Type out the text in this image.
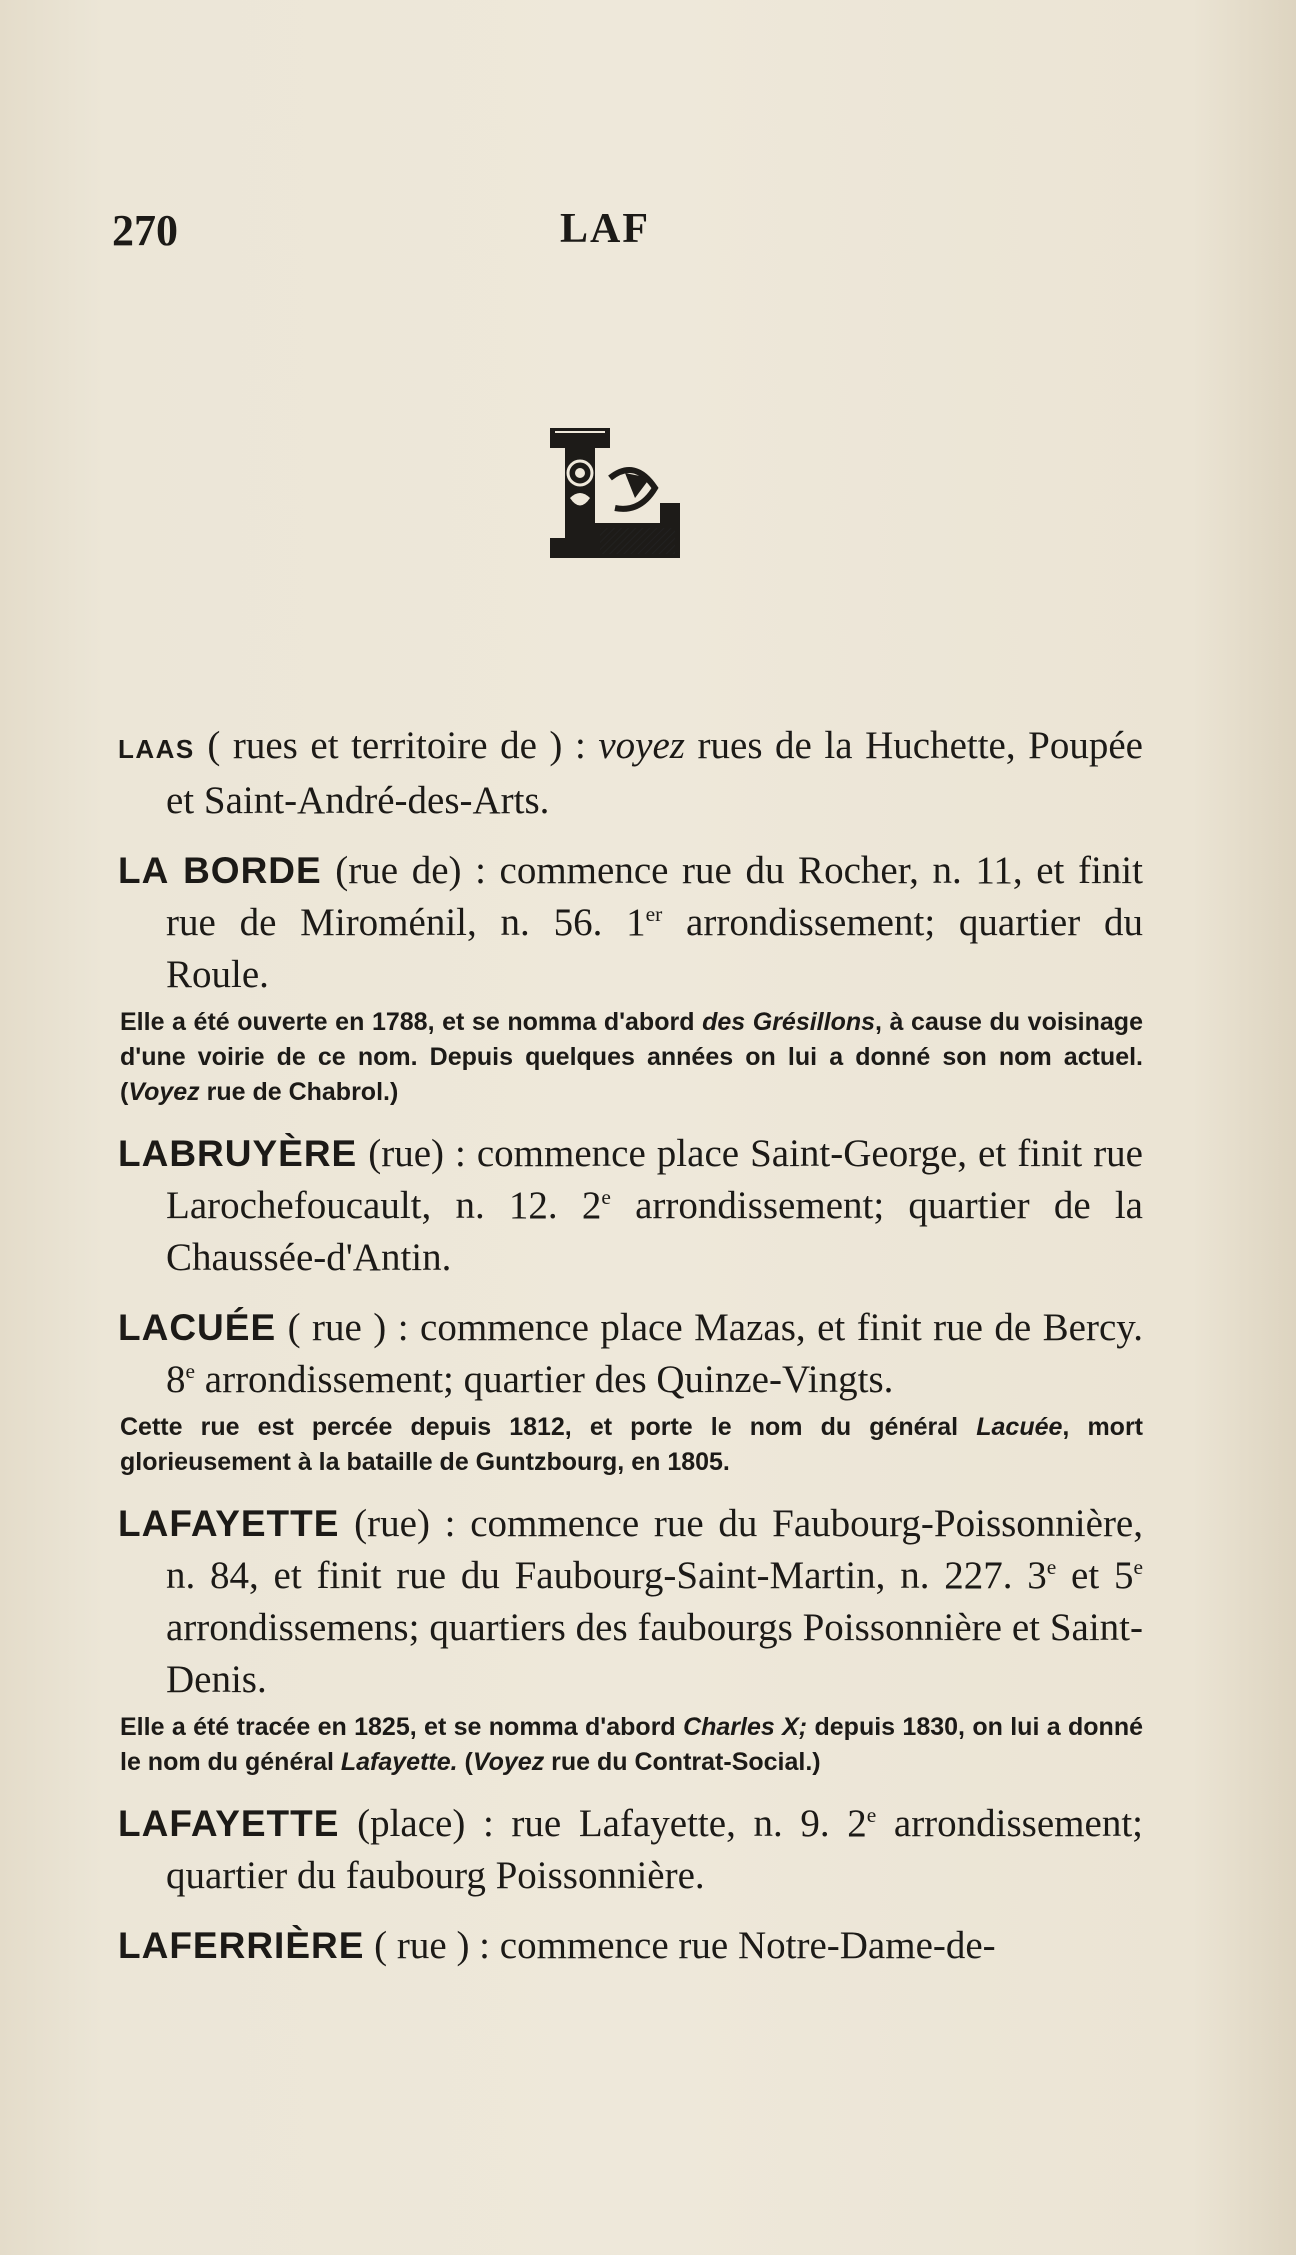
270	LAF
LAAS ( rues et territoire de ) : voyez rues de la Huchette, Poupée et Saint-André-des-Arts.
LA BORDE (rue de) : commence rue du Rocher, n. 11, et finit rue de Miroménil, n. 56. 1er arrondissement; quartier du Roule.
Elle a été ouverte en 1788, et se nomma d'abord des Grésillons, à cause du voisinage d'une voirie de ce nom. Depuis quelques années on lui a donné son nom actuel. (Voyez rue de Chabrol.)
LABRUYÈRE (rue) : commence place Saint-George, et finit rue Larochefoucault, n. 12. 2e arrondissement; quartier de la Chaussée-d'Antin.
LACUÉE ( rue ) : commence place Mazas, et finit rue de Bercy. 8e arrondissement; quartier des Quinze-Vingts.
Cette rue est percée depuis 1812, et porte le nom du général Lacuée, mort glorieusement à la bataille de Guntzbourg, en 1805.
LAFAYETTE (rue) : commence rue du Faubourg-Poissonnière, n. 84, et finit rue du Faubourg-Saint-Martin, n. 227. 3e et 5e arrondissemens; quartiers des faubourgs Poissonnière et Saint-Denis.
Elle a été tracée en 1825, et se nomma d'abord Charles X; depuis 1830, on lui a donné le nom du général Lafayette. (Voyez rue du Contrat-Social.)
LAFAYETTE (place) : rue Lafayette, n. 9. 2e arrondissement; quartier du faubourg Poissonnière.
LAFERRIÈRE ( rue ) : commence rue Notre-Dame-de-
